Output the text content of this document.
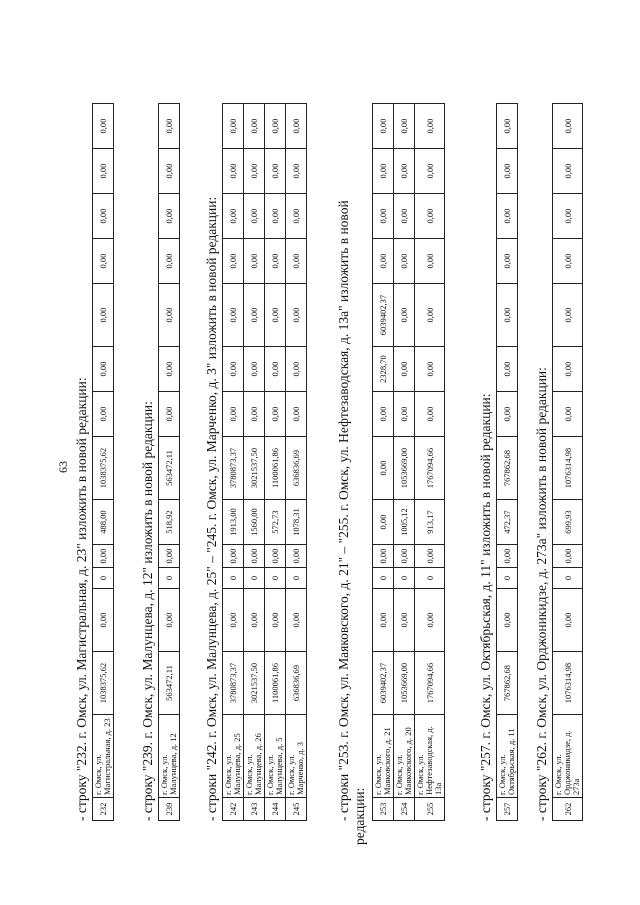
63 - строку "232. г. Омск, ул. Магистральная, д. 23" изложить в новой редакции: 232	г. Омск, ул. Магистральная, д. 23	1038375,62	0,00	0	0,00	488,00	1038375,62	0,00	0,00	0,00	0,00	0,00	0,00	0,00
- строку "239. г. Омск, ул. Малунцева, д. 12" изложить в новой редакции: 239	г. Омск, ул. Малунцева, д. 12	563472,11	0,00	0	0,00	518,92	563472,11	0,00	0,00	0,00	0,00	0,00	0,00	0,00
- строки "242. г. Омск, ул. Малунцева, д. 25" – "245. г. Омск, ул. Марченко, д. 3" изложить в новой редакции: 242	г. Омск, ул. Малунцева, д. 25	3780873,37	0,00	0	0,00	1913,00	3780873,37	0,00	0,00	0,00	0,00	0,00	0,00	0,00
243	г. Омск, ул. Малунцева, д. 26	3021537,50	0,00	0	0,00	1560,00	3021537,50	0,00	0,00	0,00	0,00	0,00	0,00	0,00
244	г. Омск, ул. Малунцева, д. 5	1100061,86	0,00	0	0,00	572,73	1100061,86	0,00	0,00	0,00	0,00	0,00	0,00	0,00
245	г. Омск, ул. Марченко, д. 3	636836,69	0,00	0	0,00	1078,31	636836,69	0,00	0,00	0,00	0,00	0,00	0,00	0,00
- строки "253. г. Омск, ул. Маяковского, д. 21" – "255. г. Омск, ул. Нефтезаводская, д. 13а" изложить в новой редакции: 253	г. Омск, ул. Маяковского, д. 21	6039402,37	0,00	0	0,00	0,00	0,00	0,00	2328,70	6039402,37	0,00	0,00	0,00	0,00
254	г. Омск, ул. Маяковского, д. 20	1053669,00	0,00	0	0,00	1005,12	1053669,00	0,00	0,00	0,00	0,00	0,00	0,00	0,00
255	г. Омск, ул. Нефтезаводская, д. 13а	1767094,66	0,00	0	0,00	913,17	1767094,66	0,00	0,00	0,00	0,00	0,00	0,00	0,00
- строку "257. г. Омск, ул. Октябрьская, д. 11" изложить в новой редакции: 257	г. Омск, ул. Октябрьская, д. 11	767862,68	0,00	0	0,00	472,37	767862,68	0,00	0,00	0,00	0,00	0,00	0,00	0,00
- строку "262. г. Омск, ул. Орджоникидзе, д. 273а" изложить в новой редакции: 262	г. Омск, ул. Орджоникидзе, д. 273а	1076314,98	0,00	0	0,00	699,93	1076314,98	0,00	0,00	0,00	0,00	0,00	0,00	0,00
